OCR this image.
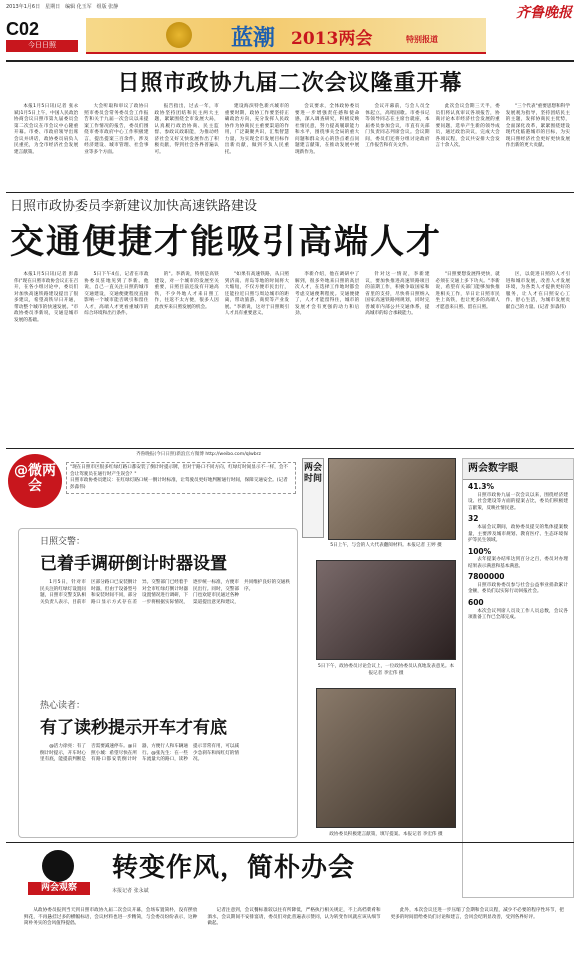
2013年1月6日　星期日　编辑 化玉军　组版 张静	齐鲁晚报
C02
今日日照	蓝潮 2013两会	特别报道
日照市政协九届二次会议隆重开幕

本报1月5日讯(记者 张永斌)1月5日上午，中国人民政治协商会议日照市第九届委员会第二次会议在市会议中心隆重开幕。市委、市政府领导出席会议并讲话，政协委员肩负人民重托，为全市经济社会发展建言献策。

大会听取和审议了政协日照市委员会常务委员会工作报告和关于九届一次会议以来提案工作情况的报告，委员们围绕市委市政府中心工作积极建言，提出提案三百余件，涉及经济建设、城市管理、社会事业等多个方面。

报告指出，过去一年，市政协坚持团结和民主两大主题，紧紧围绕全市发展大局，认真履行政治协商、民主监督、参政议政职能，为推动经济社会又好又快发展作出了积极贡献，得到社会各界普遍认可。

建设海滨特色新兴城市的重要时期，政协工作要坚持正确政治方向，充分发挥人民政协作为协商民主重要渠道的作用，广泛凝聚共识，汇集智慧力量，为实现全市发展目标作出新贡献，做到不负人民重托。

会议要求，全体政协委员要进一步增强责任感和使命感，深入调查研究，积极反映社情民意，努力提高履职能力和水平，围绕事关全局的重大问题和群众关心的热点难点问题建言献策，在推动发展中展现新作为。

会议开幕前，与会人员全体起立，高唱国歌。市委书记等领导同志在主席台就座，本届委员参加会议，市直有关部门负责同志列席会议。会议期间，委员们还将分组讨论政府工作报告和有关文件。

此次会议会期三天半，委员们将认真审议各项报告，协商讨论本市经济社会发展的重要问题，选举产生新的领导成员，通过政治决议，完成大会各项议程，会议共安排大会发言十余人次。

"三个代表"重要思想和科学发展观为指导，坚持团结民主的主题，发挥协商民主优势，全面深化改革，紧紧围绕建设现代化临港城市的目标，为实现日照经济社会更好更快发展作出新的更大贡献。

日照市政协委员李新建议加快高速铁路建设
交通便捷才能吸引高端人才

本报1月5日讯(记者 彭淼伟)"现在日照市政协会议正在召开，在各小组讨论中，委员们对加快高速铁路建设提出了很多建议，希望高铁早日开通，带动整个城市的快速发展。"市政协委员李新说，交通是城市发展的基础。

5日下午4点，记者在市政协委员驻地见到了李新。他说，自己一直关注日照的城市交通建设，交通便捷程度直接影响一个城市能否吸引和留住人才，高端人才更看重城市的综合环境和出行条件。

的"。李新说，特别是高铁建设，对一个城市的发展至关重要，日照目前还没有开通高铁，不少外地人才来日照工作，往返不太方便，很多人因此放弃来日照发展的机会。

"如果有高速铁路，从日照到济南、青岛等地的时间将大大缩短，不仅方便市民出行，还能拉近日照与周边城市的距离，带动旅游、商贸等产业发展。"李新说，这对于日照吸引人才具有重要意义。

李新介绍，他在调研中了解到，很多外地来日照的高层次人才，在选择工作地时都会考虑交通便利程度。交通便捷了，人才才能留得住，城市的发展才会有更强的动力和后劲。

针对这一情况，李新建议，要加快推进高速铁路项目的前期工作，积极争取国家和省里的支持，尽快将日照纳入国家高速铁路网规划，同时完善城市内部公共交通体系，提高城市的综合承载能力。

"日照要想发展得更快，就必须在交通上多下功夫。"李新说，希望有关部门能够加快推进相关工作，早日让日照市民坐上高铁，也让更多的高端人才愿意来日照、留在日照。

区，以促进日照的人才引进和城市发展，改善人才发展环境，为各类人才提供更好的服务，让人才在日照安心工作、舒心生活，为城市发展贡献自己的力量。(记者 彭淼伟)

@微两会
齐鲁晚报(今日日照)新浪官方微博 http://weibo.com/qlwbrz

"现在日照市区很多红绿灯路口都安装了倒计时提示牌，但对于路口不同方向，红绿灯时间显示不一样，会不会让驾驶员在通行时产生误会？"

日照市政协委员建议：在红绿灯路口统一倒计时标准，让驾驶员更好地判断通行时间，保障交通安全。(记者 彭淼伟)

日照交警：
已着手调研倒计时器设置

1月5日，针对市民关注的红绿灯设置问题，日照市交警支队相关负责人表示，目前市区部分路口已安装倒计时器，但由于设备型号和安装时间不同，部分路口显示方式存在差异。交警部门已经着手对全市红绿灯倒计时器设置情况进行调研，下一步将根据实际情况，逐步统一标准，方便市民出行。同时，交警部门也欢迎市民通过各种渠道提出意见和建议，共同维护良好的交通秩序。

热心读者：
有了读秒提示开车才有底

@活力徐亮：有了倒计时提示，开车时心里有底，能提前判断是否需要减速停车。@日照小城：希望尽快在所有路口都安装倒计时器，方便行人和车辆通行。@张先生：在一些车流量大的路口，读秒提示非常有用，可以减少急刹车和闯红灯的情况。

两会时间
5日上午，与会的人大代表翻阅材料。本报记者 王婷 摄
5日下午，政协委员讨论会议上，一位政协委员认真地发表意见。本报记者 李宏伟 摄
政协委员积极建言献策，填写提案。本报记者 李宏伟 摄
两会数字眼
41.3%
日照市政协九届一次会议以来，围绕经济建设、社会建设等方面的提案占比，委员们积极建言献策，反映社情民意。
32
本届会议期间，政协委员提交的集体提案数量，主要涉及城市规划、教育医疗、生态环境保护等民生领域。
100%
去年提案办结率达到百分之百，委员对办理结果表示满意和基本满意。
7800000
日照市政协委员参与社会公益事业捐款累计金额，委员们以实际行动回报社会。
600
本次会议列席人员及工作人员总数，会议各项准备工作已全部完成。
两会观察
转变作风，简朴办会
本报记者 张永斌

从政协委员报到当天到日照市政协九届二次会议开幕，会场布置简朴，没有摆放鲜花，不再悬挂过多的横幅标语，会议材料也进一步精简，与会委员纷纷表示，这种简朴务实的会风值得提倡。

记者注意到，会议餐标准较以往有所降低，严格执行相关规定，不上高档菜肴和酒水，会议期间不安排宴请，委员们对此普遍表示赞同，认为转变作风就应该从细节做起。

此外，本次会议还进一步压缩了会期和会议议程，减少不必要的程序性环节，把更多的时间留给委员们讨论和建言，会风会纪明显改善，受到各界好评。
